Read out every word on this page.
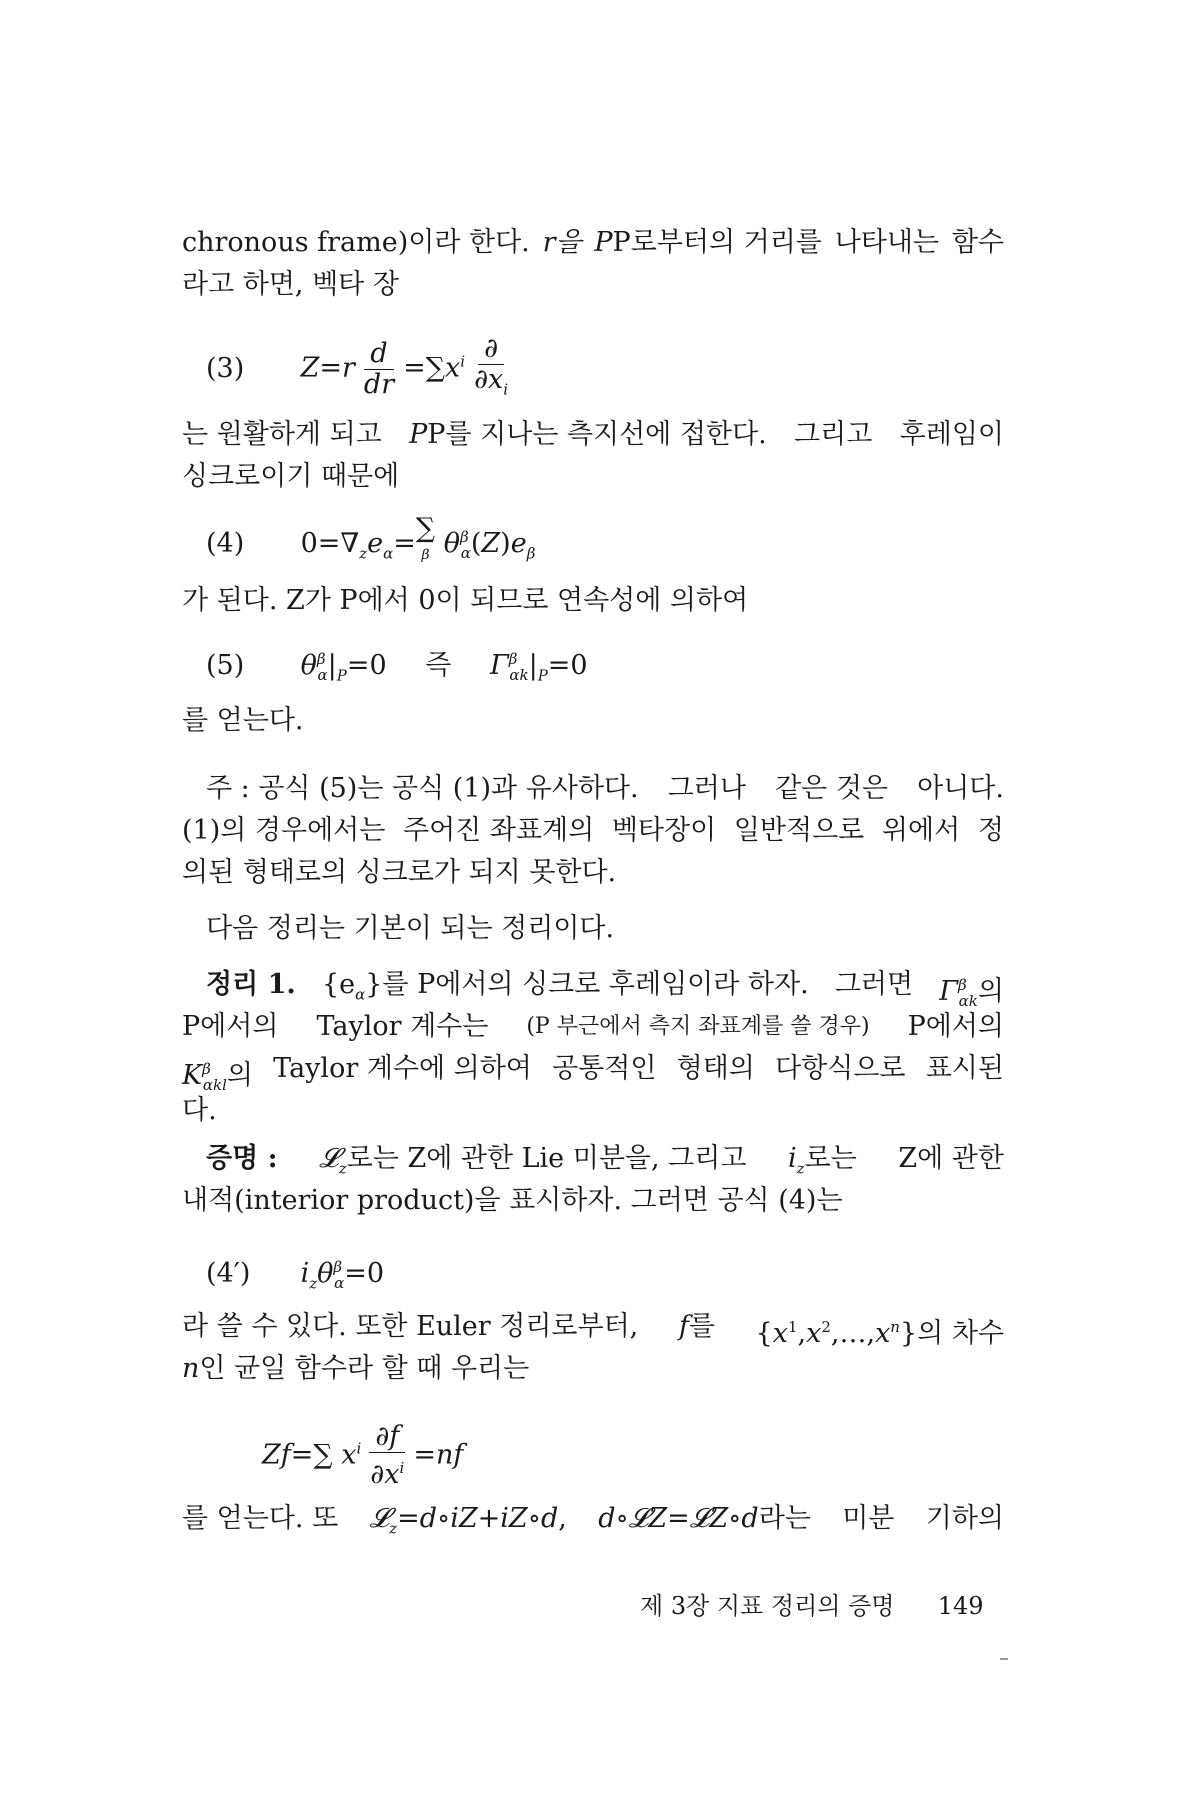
chronous frame)이라 한다. r을 PP로부터의 거리를 나타내는 함수
라고 하면, 벡타 장
(3) $Z=r \frac{d}{dr} =\sum x^i \frac{\partial}{\partial x_i}$
는 원활하게 되고 PP를 지나는 측지선에 접한다. 그리고 후레임이
싱크로이기 때문에
(4) $0=\nabla_ze_\alpha=$ ∑
β $\theta^\beta_\alpha(Z)e_\beta$
가 된다. Z가 P에서 0이 되므로 연속성에 의하여
(5) $\theta^\beta_\alpha|_P=0$ 즉 $\Gamma^\beta_{\alpha k}|_P=0$
를 얻는다.
주 : 공식 (5)는 공식 (1)과 유사하다. 그러나 같은 것은 아니다.
(1)의 경우에서는 주어진 좌표계의 벡타장이 일반적으로 위에서 정
의된 형태로의 싱크로가 되지 못한다.
다음 정리는 기본이 되는 정리이다.
정리 1. $\{e_\alpha\}$를 P에서의 싱크로 후레임이라 하자. 그러면 $\Gamma^\beta_{\alpha k}$의
P에서의 Taylor 계수는 (P 부근에서 측지 좌표계를 쓸 경우) P에서의
$K^\beta_{\alpha kl}$의 Taylor 계수에 의하여 공통적인 형태의 다항식으로 표시된
다.
증명 : 𝓛$_z$로는 Z에 관한 Lie 미분을, 그리고 $i_z$로는 Z에 관한
내적(interior product)을 표시하자. 그러면 공식 (4)는
(4′) $i_z\theta^\beta_\alpha=0$
라 쓸 수 있다. 또한 Euler 정리로부터, f를 $\{x^1,x^2,\dots,x^n\}$의 차수
n인 균일 함수라 할 때 우리는
Zf=∑ $x^i \frac{\partial f}{\partial x^i} =nf$
를 얻는다. 또 𝓛$_z$=d∘iZ+iZ∘d, d∘𝓛Z=𝓛Z∘d라는 미분 기하의
제 3장 지표 정리의 증명 149
